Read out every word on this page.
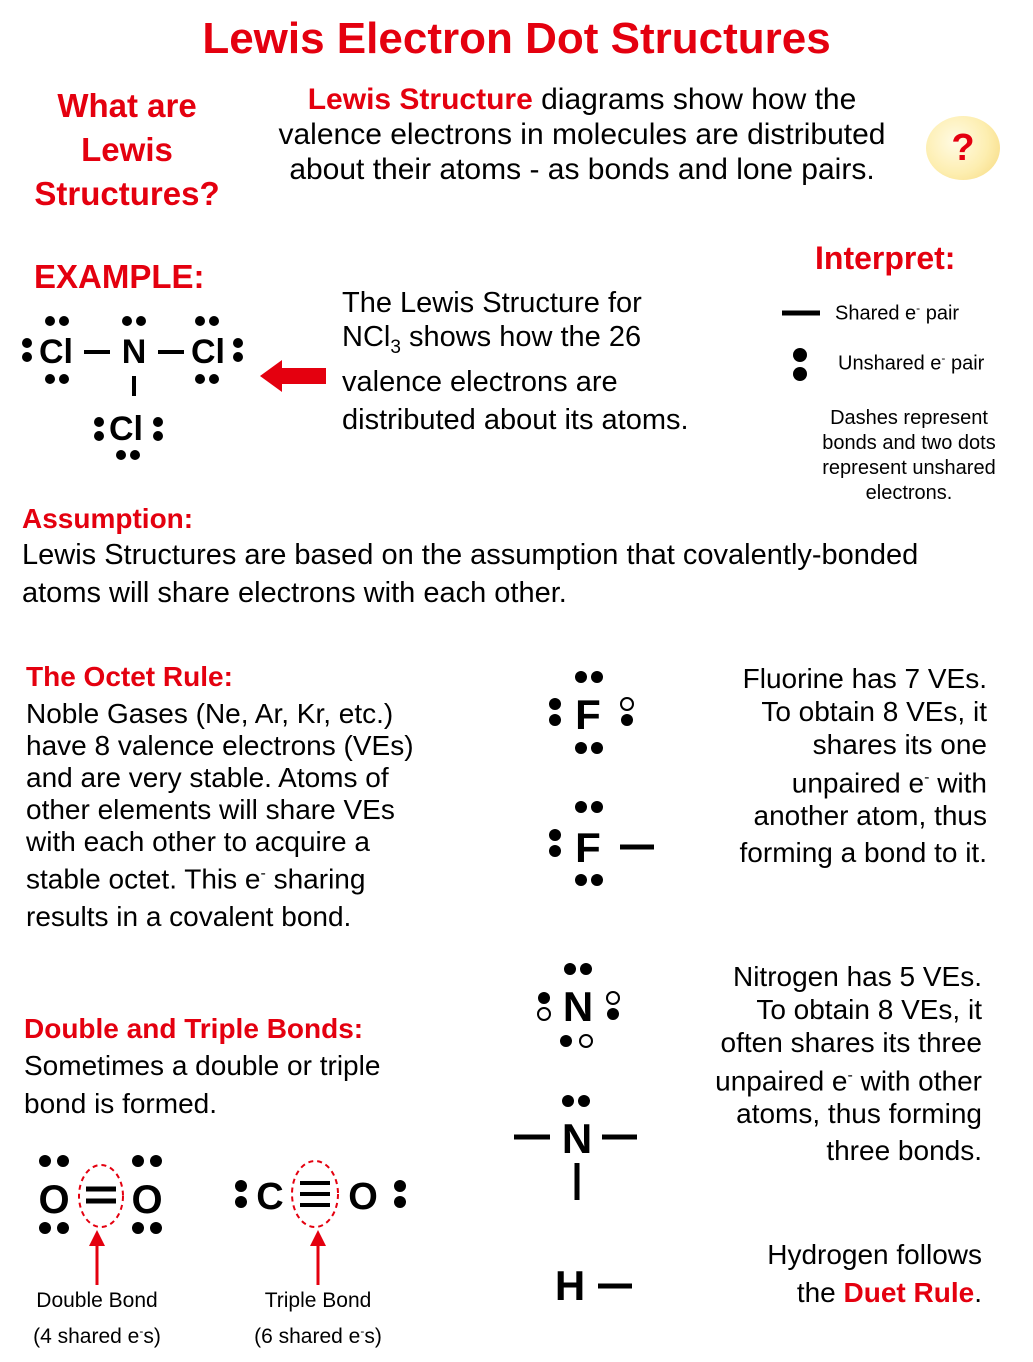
Lewis Electron Dot Structures
What are
Lewis
Structures?
Lewis Structure diagrams show how the
valence electrons in molecules are distributed
about their atoms - as bonds and lone pairs.
?
EXAMPLE:
The Lewis Structure for
NCl$_3$ shows how the 26
valence electrons are
distributed about its atoms.
Interpret:
Shared e- pair
Unshared e- pair
Dashes represent
bonds and two dots
represent unshared
electrons.
Assumption:
Lewis Structures are based on the assumption that covalently-bonded
atoms will share electrons with each other.
The Octet Rule:
Noble Gases (Ne, Ar, Kr, etc.)
have 8 valence electrons (VEs)
and are very stable. Atoms of
other elements will share VEs
with each other to acquire a
stable octet. This e- sharing
results in a covalent bond.
Fluorine has 7 VEs.
To obtain 8 VEs, it
shares its one
unpaired e- with
another atom, thus
forming a bond to it.
Double and Triple Bonds:
Sometimes a double or triple
bond is formed.
Double Bond
(4 shared e-s)
Triple Bond
(6 shared e-s)
Nitrogen has 5 VEs.
To obtain 8 VEs, it
often shares its three
unpaired e- with other
atoms, thus forming
three bonds.
Hydrogen follows
the Duet Rule.
Cl N Cl
Cl
F
F
N
N
H
O O C O
